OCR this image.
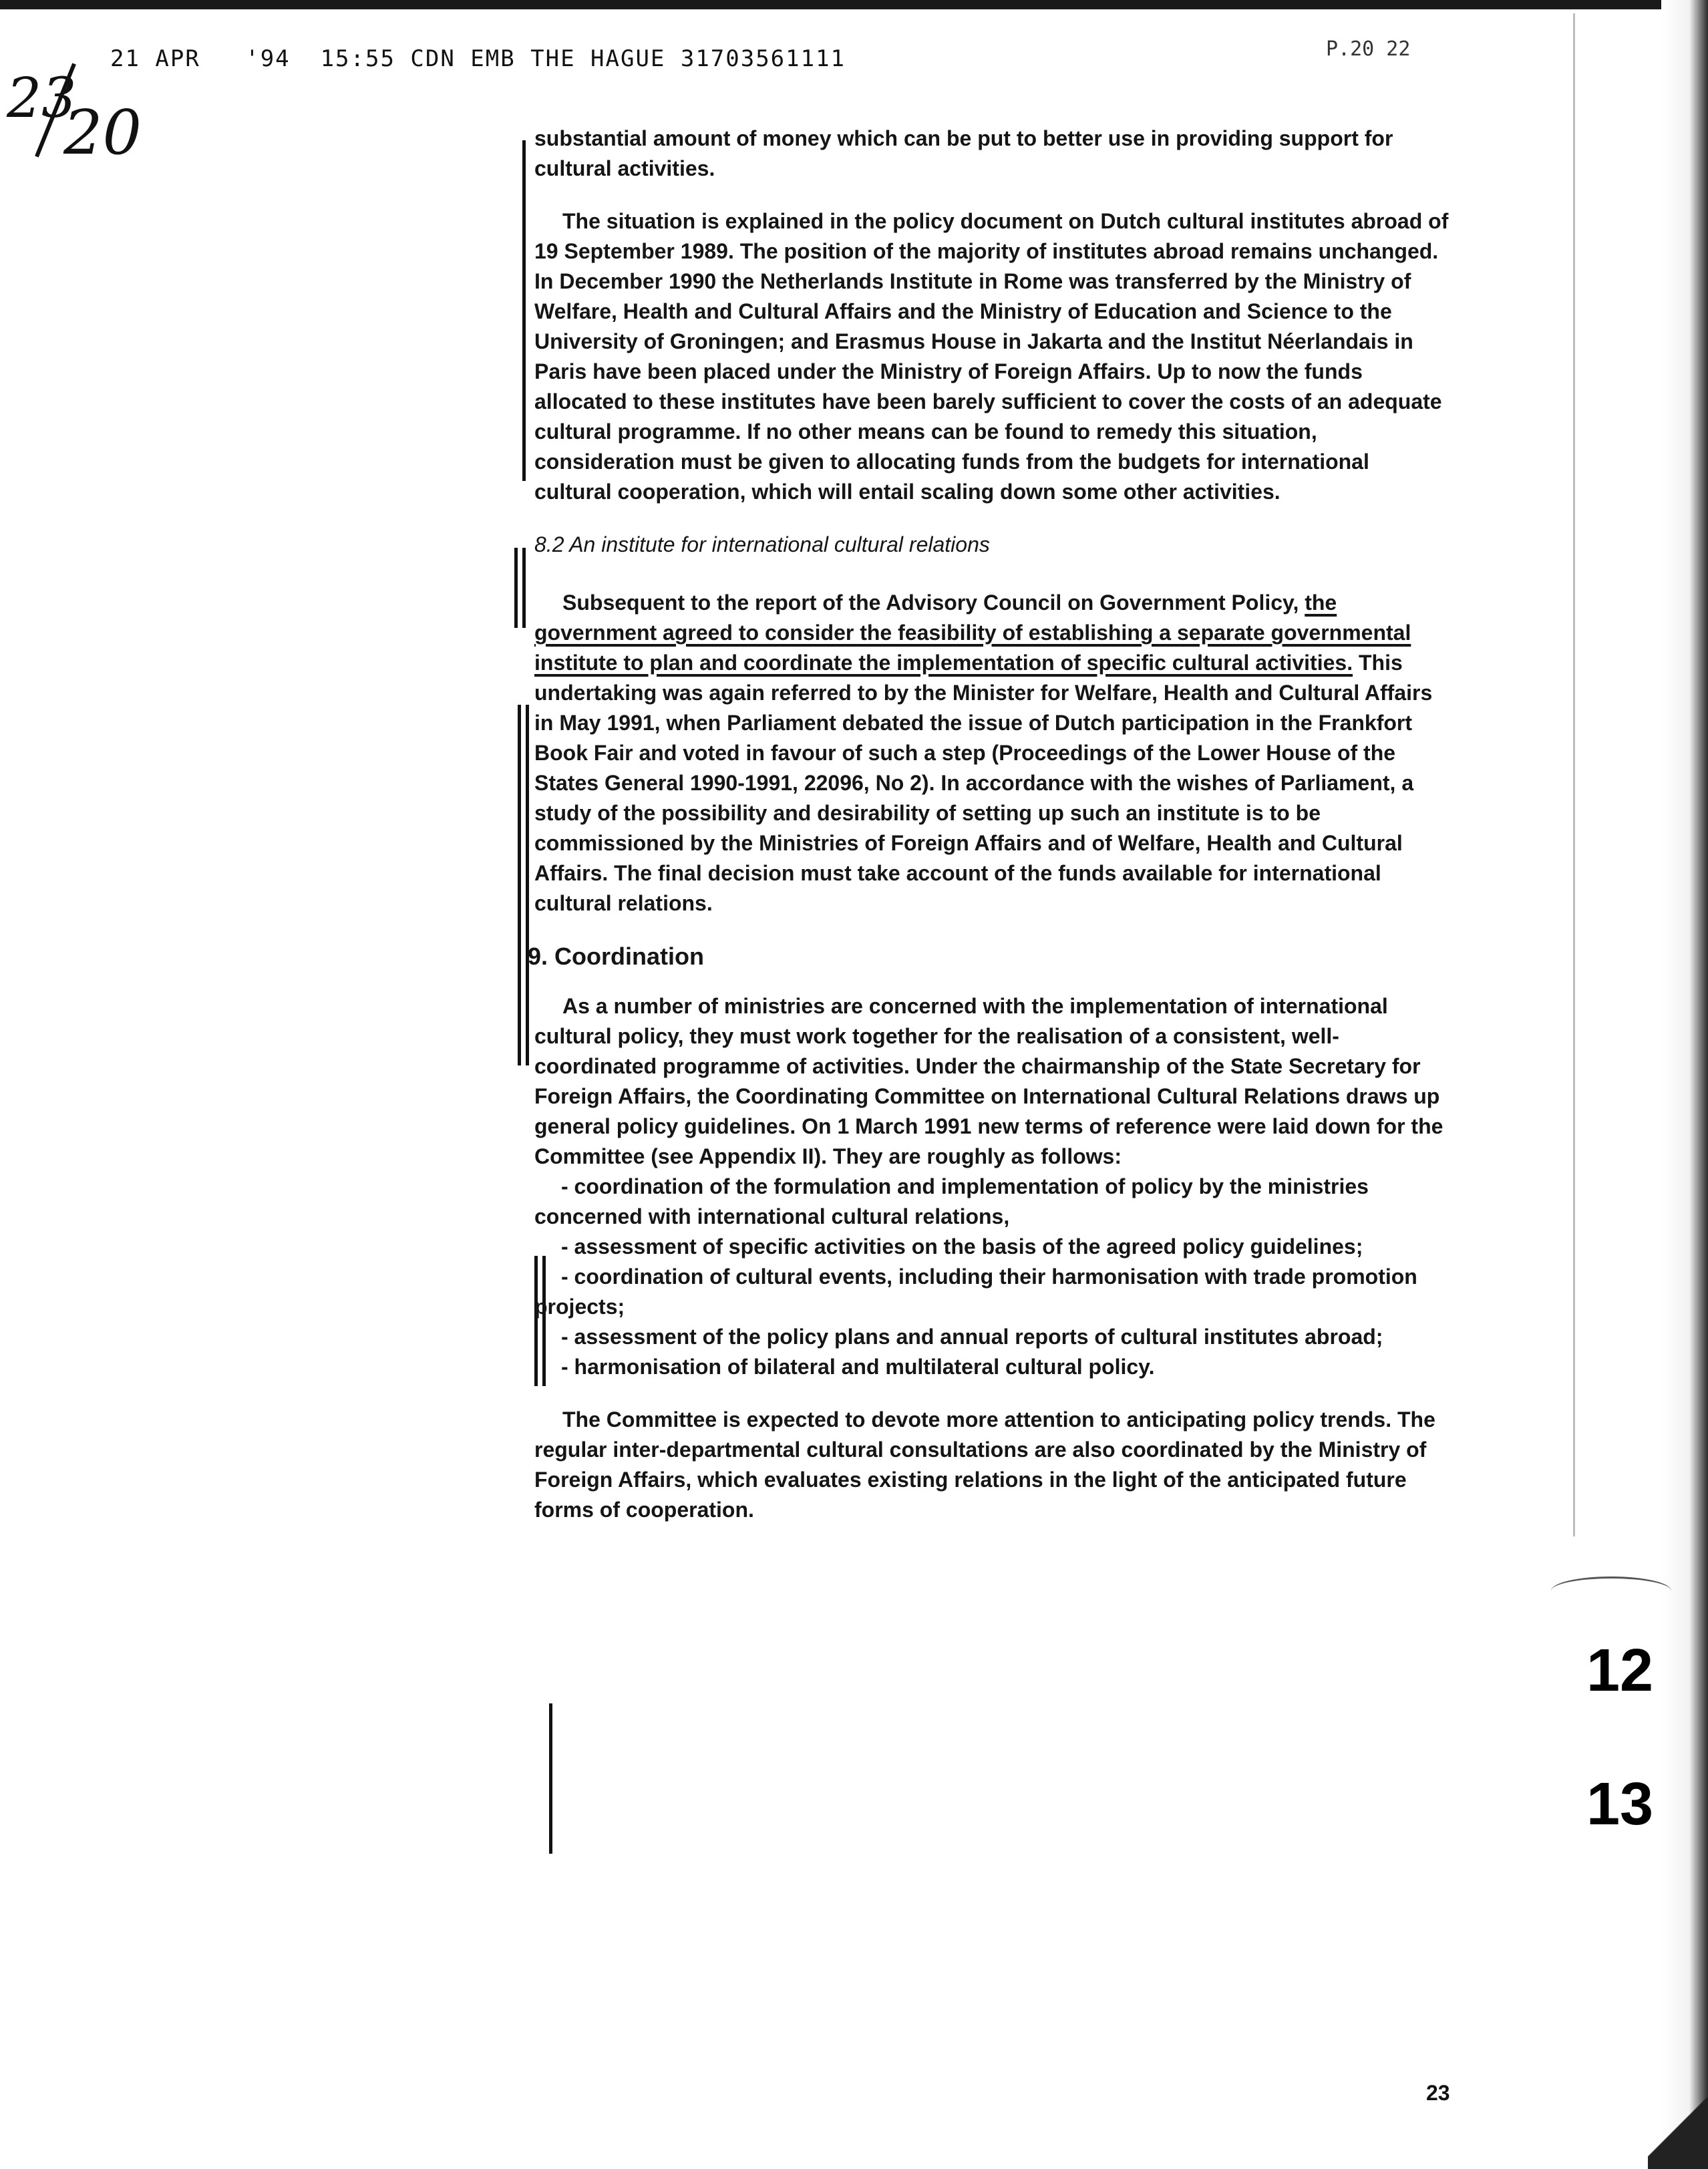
21 APR   '94  15:55 CDN EMB THE HAGUE 31703561111	P.20 22
23
20	substantial amount of money which can be put to better use in providing support for cultural activities.

The situation is explained in the policy document on Dutch cultural institutes abroad of 19 September 1989. The position of the majority of institutes abroad remains unchanged. In December 1990 the Netherlands Institute in Rome was transferred by the Ministry of Welfare, Health and Cultural Affairs and the Ministry of Education and Science to the University of Groningen; and Erasmus House in Jakarta and the Institut Néerlandais in Paris have been placed under the Ministry of Foreign Affairs. Up to now the funds allocated to these institutes have been barely sufficient to cover the costs of an adequate cultural programme. If no other means can be found to remedy this situation, consideration must be given to allocating funds from the budgets for international cultural cooperation, which will entail scaling down some other activities.

8.2 An institute for international cultural relations

Subsequent to the report of the Advisory Council on Government Policy, the government agreed to consider the feasibility of establishing a separate governmental institute to plan and coordinate the implementation of specific cultural activities. This undertaking was again referred to by the Minister for Welfare, Health and Cultural Affairs in May 1991, when Parliament debated the issue of Dutch participation in the Frankfort Book Fair and voted in favour of such a step (Proceedings of the Lower House of the States General 1990-1991, 22096, No 2). In accordance with the wishes of Parliament, a study of the possibility and desirability of setting up such an institute is to be commissioned by the Ministries of Foreign Affairs and of Welfare, Health and Cultural Affairs. The final decision must take account of the funds available for international cultural relations.

9. Coordination

As a number of ministries are concerned with the implementation of international cultural policy, they must work together for the realisation of a consistent, well-coordinated programme of activities. Under the chairmanship of the State Secretary for Foreign Affairs, the Coordinating Committee on International Cultural Relations draws up general policy guidelines. On 1 March 1991 new terms of reference were laid down for the Committee (see Appendix II). They are roughly as follows:

- coordination of the formulation and implementation of policy by the ministries concerned with international cultural relations,

- assessment of specific activities on the basis of the agreed policy guidelines;

- coordination of cultural events, including their harmonisation with trade promotion projects;

- assessment of the policy plans and annual reports of cultural institutes abroad;

- harmonisation of bilateral and multilateral cultural policy.

The Committee is expected to devote more attention to anticipating policy trends. The regular inter-departmental cultural consultations are also coordinated by the Ministry of Foreign Affairs, which evaluates existing relations in the light of the anticipated future forms of cooperation.

12
13
23
